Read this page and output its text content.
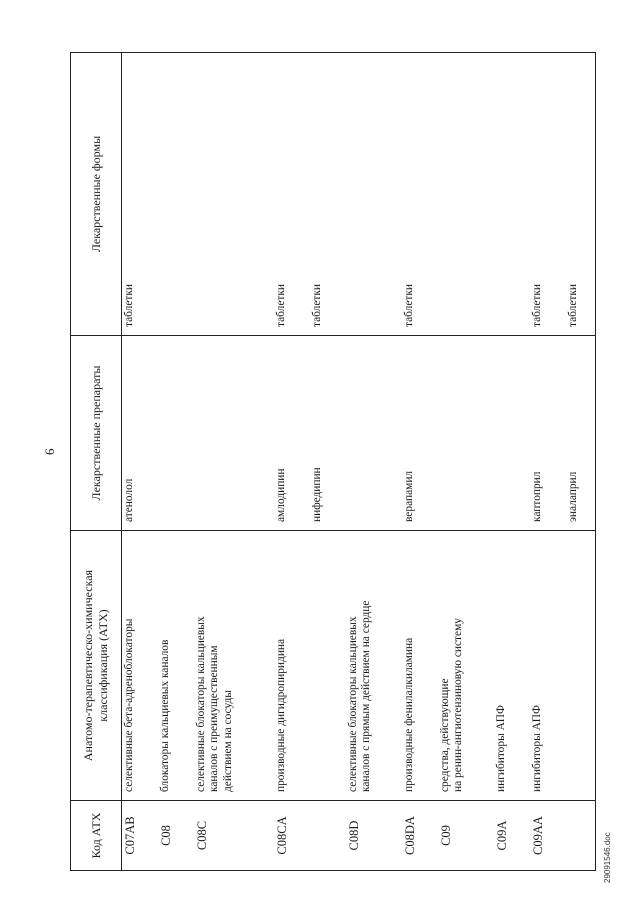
6
Код АТХ	Анатомо-терапевтическо-химическая классификация (АТХ)	Лекарственные препараты	Лекарственные формы
C07AB	селективные бета-адреноблокаторы	атенолол	таблетки
C08	блокаторы кальциевых каналов		

C08C	селективные блокаторы кальциевых каналов с преимущественным действием на сосуды		

C08CA	производные дигидропиридина	амлодипин	таблетки
		нифедипин	таблетки
C08D	селективные блокаторы кальциевых каналов с прямым действием на сердце		

C08DA	производные фенилалкиламина	верапамил	таблетки
C09	средства, действующие на ренин-ангиотензиновую систему		

C09A	ингибиторы АПФ		

C09AA	ингибиторы АПФ	каптоприл	таблетки
		эналаприл	таблетки
29091546.doc
